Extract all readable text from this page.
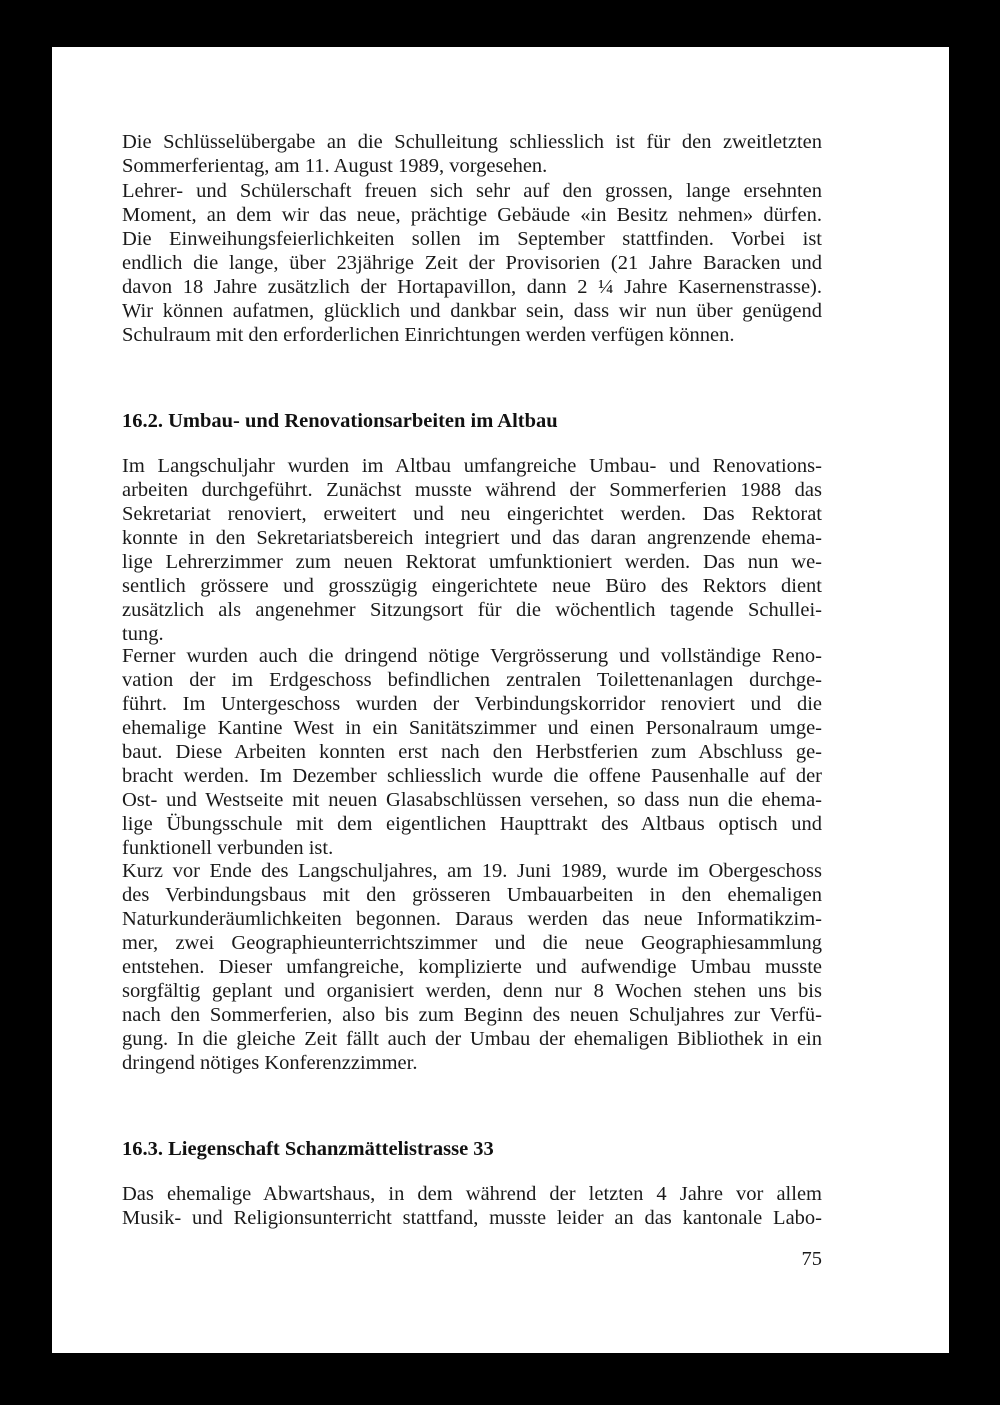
Die Schlüsselübergabe an die Schulleitung schliesslich ist für den zweitletzten
Sommerferientag, am 11. August 1989, vorgesehen.
Lehrer- und Schülerschaft freuen sich sehr auf den grossen, lange ersehnten
Moment, an dem wir das neue, prächtige Gebäude «in Besitz nehmen» dürfen.
Die Einweihungsfeierlichkeiten sollen im September stattfinden. Vorbei ist
endlich die lange, über 23jährige Zeit der Provisorien (21 Jahre Baracken und
davon 18 Jahre zusätzlich der Hortapavillon, dann 2 ¼ Jahre Kasernenstrasse).
Wir können aufatmen, glücklich und dankbar sein, dass wir nun über genügend
Schulraum mit den erforderlichen Einrichtungen werden verfügen können.
16.2. Umbau- und Renovationsarbeiten im Altbau
Im Langschuljahr wurden im Altbau umfangreiche Umbau- und Renovations-
arbeiten durchgeführt. Zunächst musste während der Sommerferien 1988 das
Sekretariat renoviert, erweitert und neu eingerichtet werden. Das Rektorat
konnte in den Sekretariatsbereich integriert und das daran angrenzende ehema-
lige Lehrerzimmer zum neuen Rektorat umfunktioniert werden. Das nun we-
sentlich grössere und grosszügig eingerichtete neue Büro des Rektors dient
zusätzlich als angenehmer Sitzungsort für die wöchentlich tagende Schullei-
tung.
Ferner wurden auch die dringend nötige Vergrösserung und vollständige Reno-
vation der im Erdgeschoss befindlichen zentralen Toilettenanlagen durchge-
führt. Im Untergeschoss wurden der Verbindungskorridor renoviert und die
ehemalige Kantine West in ein Sanitätszimmer und einen Personalraum umge-
baut. Diese Arbeiten konnten erst nach den Herbstferien zum Abschluss ge-
bracht werden. Im Dezember schliesslich wurde die offene Pausenhalle auf der
Ost- und Westseite mit neuen Glasabschlüssen versehen, so dass nun die ehema-
lige Übungsschule mit dem eigentlichen Haupttrakt des Altbaus optisch und
funktionell verbunden ist.
Kurz vor Ende des Langschuljahres, am 19. Juni 1989, wurde im Obergeschoss
des Verbindungsbaus mit den grösseren Umbauarbeiten in den ehemaligen
Naturkunderäumlichkeiten begonnen. Daraus werden das neue Informatikzim-
mer, zwei Geographieunterrichtszimmer und die neue Geographiesammlung
entstehen. Dieser umfangreiche, komplizierte und aufwendige Umbau musste
sorgfältig geplant und organisiert werden, denn nur 8 Wochen stehen uns bis
nach den Sommerferien, also bis zum Beginn des neuen Schuljahres zur Verfü-
gung. In die gleiche Zeit fällt auch der Umbau der ehemaligen Bibliothek in ein
dringend nötiges Konferenzzimmer.
16.3. Liegenschaft Schanzmättelistrasse 33
Das ehemalige Abwartshaus, in dem während der letzten 4 Jahre vor allem
Musik- und Religionsunterricht stattfand, musste leider an das kantonale Labo-
75
